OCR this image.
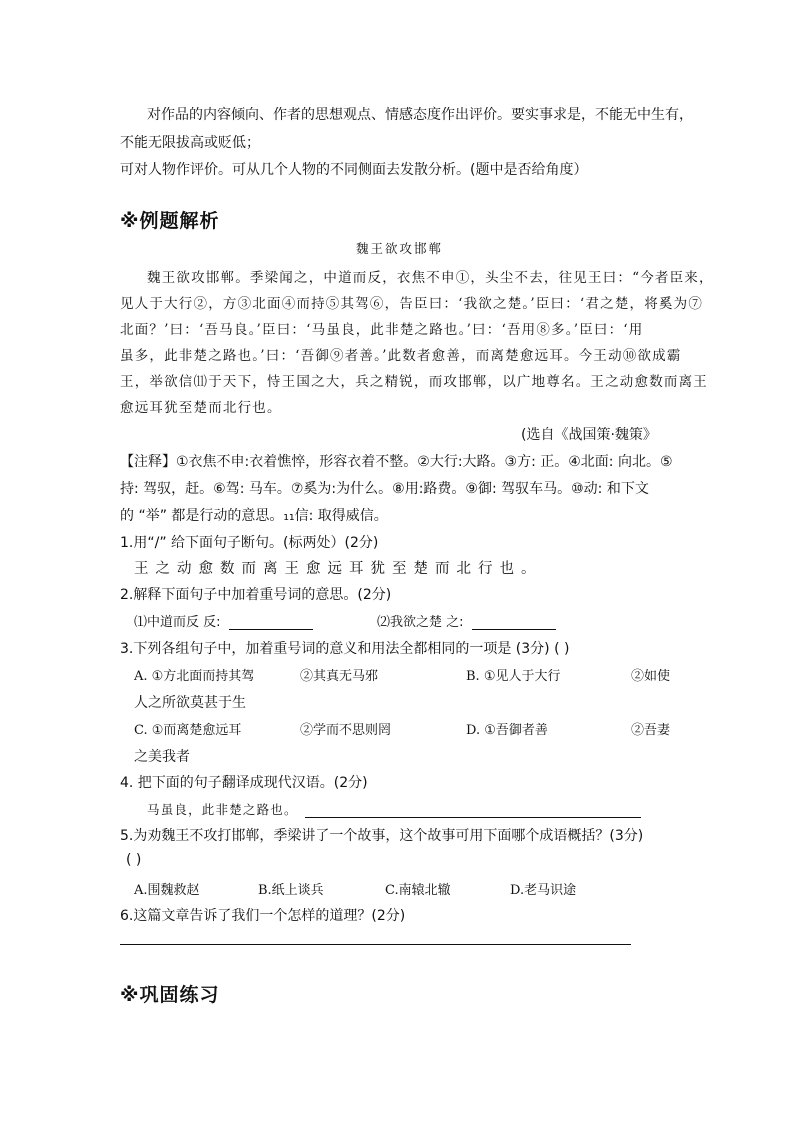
对作品的内容倾向、作者的思想观点、情感态度作出评价。要实事求是，不能无中生有，
不能无限拔高或贬低；
可对人物作评价。可从几个人物的不同侧面去发散分析。(题中是否给角度）
※例题解析
魏王欲攻邯郸
魏王欲攻邯郸。季梁闻之，中道而反，衣焦不申①，头尘不去，往见王曰：“今者臣来，
见人于大行②，方③北面④而持⑤其驾⑥，告臣曰：‘我欲之楚。’臣曰：‘君之楚，将奚为⑦
北面？’曰：‘吾马良。’臣曰：‘马虽良，此非楚之路也。’曰：‘吾用⑧多。’臣曰：‘用
虽多，此非楚之路也。’曰：‘吾御⑨者善。’此数者愈善，而离楚愈远耳。今王动⑩欲成霸
王，举欲信⑾于天下，恃王国之大，兵之精锐，而攻邯郸，以广地尊名。王之动愈数而离王
愈远耳犹至楚而北行也。
(选自《战国策·魏策》
【注释】①衣焦不申:衣着憔悴，形容衣着不整。②大行:大路。③方: 正。④北面: 向北。⑤
持: 驾驭，赶。⑥驾: 马车。⑦奚为:为什么。⑧用:路费。⑨御: 驾驭车马。⑩动: 和下文
的 “举” 都是行动的意思。₁₁信: 取得威信。
1.用“/” 给下面句子断句。(标两处）(2分)
王之动愈数而离王愈远耳犹至楚而北行也。
2.解释下面句子中加着重号词的意思。(2分)
⑴中道而反 反:	⑵我欲之楚 之:
3.下列各组句子中，加着重号词的意义和用法全都相同的一项是 (3分) ( )
A. ①方北面而持其驾	②其真无马邪	B. ①见人于大行	②如使
人之所欲莫甚于生
C. ①而离楚愈远耳	②学而不思则罔	D. ①吾御者善	②吾妻
之美我者
4. 把下面的句子翻译成现代汉语。(2分)
马虽良，此非楚之路也。
5.为劝魏王不攻打邯郸，季梁讲了一个故事，这个故事可用下面哪个成语概括？(3分)
( )
A.围魏救赵	B.纸上谈兵	C.南辕北辙	D.老马识途
6.这篇文章告诉了我们一个怎样的道理？(2分)
※巩固练习
